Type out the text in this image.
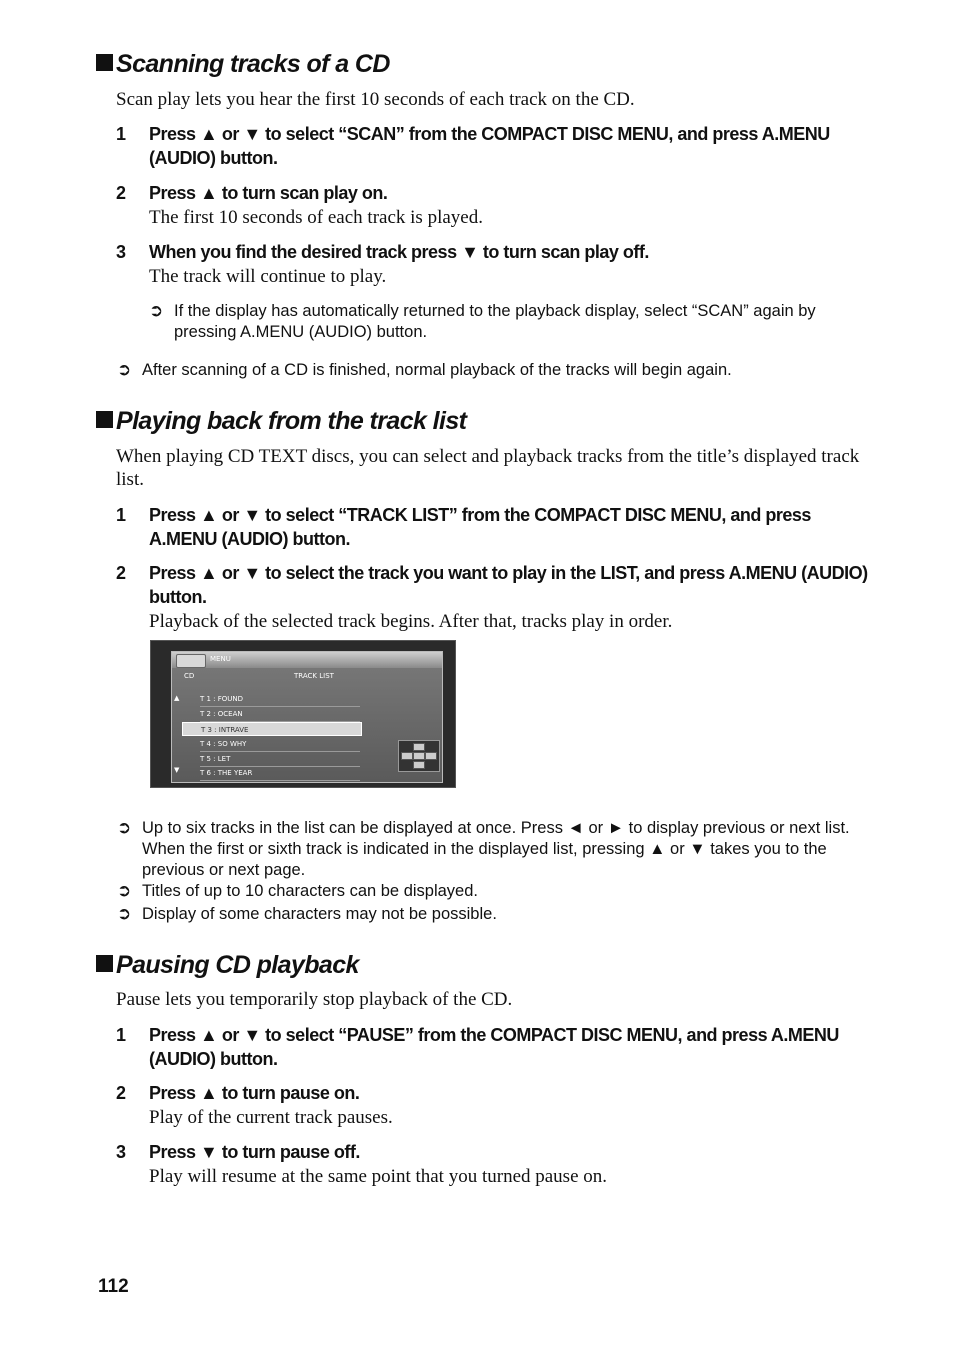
Scanning tracks of a CD
Scan play lets you hear the first 10 seconds of each track on the CD.
1 Press ▲ or ▼ to select “SCAN” from the COMPACT DISC MENU, and press A.MENU (AUDIO) button.
2 Press ▲ to turn scan play on.
The first 10 seconds of each track is played.
3 When you find the desired track press ▼ to turn scan play off.
The track will continue to play.
➲ If the display has automatically returned to the playback display, select “SCAN” again by pressing A.MENU (AUDIO) button.
➲ After scanning of a CD is finished, normal playback of the tracks will begin again.
Playing back from the track list
When playing CD TEXT discs, you can select and playback tracks from the title’s displayed track list.
1 Press ▲ or ▼ to select “TRACK LIST” from the COMPACT DISC MENU, and press A.MENU (AUDIO) button.
2 Press ▲ or ▼ to select the track you want to play in the LIST, and press A.MENU (AUDIO) button.
Playback of the selected track begins. After that, tracks play in order.
MENU
CD	TRACK LIST
▲
▼
T 1 : FOUND
T 2 : OCEAN
T 3 : INTRAVE
T 4 : SO WHY
T 5 : LET
T 6 : THE YEAR
➲ Up to six tracks in the list can be displayed at once. Press ◄ or ► to display previous or next list. When the first or sixth track is indicated in the displayed list, pressing ▲ or ▼ takes you to the previous or next page.
➲ Titles of up to 10 characters can be displayed.
➲ Display of some characters may not be possible.
Pausing CD playback
Pause lets you temporarily stop playback of the CD.
1 Press ▲ or ▼ to select “PAUSE” from the COMPACT DISC MENU, and press A.MENU (AUDIO) button.
2 Press ▲ to turn pause on.
Play of the current track pauses.
3 Press ▼ to turn pause off.
Play will resume at the same point that you turned pause on.
112
